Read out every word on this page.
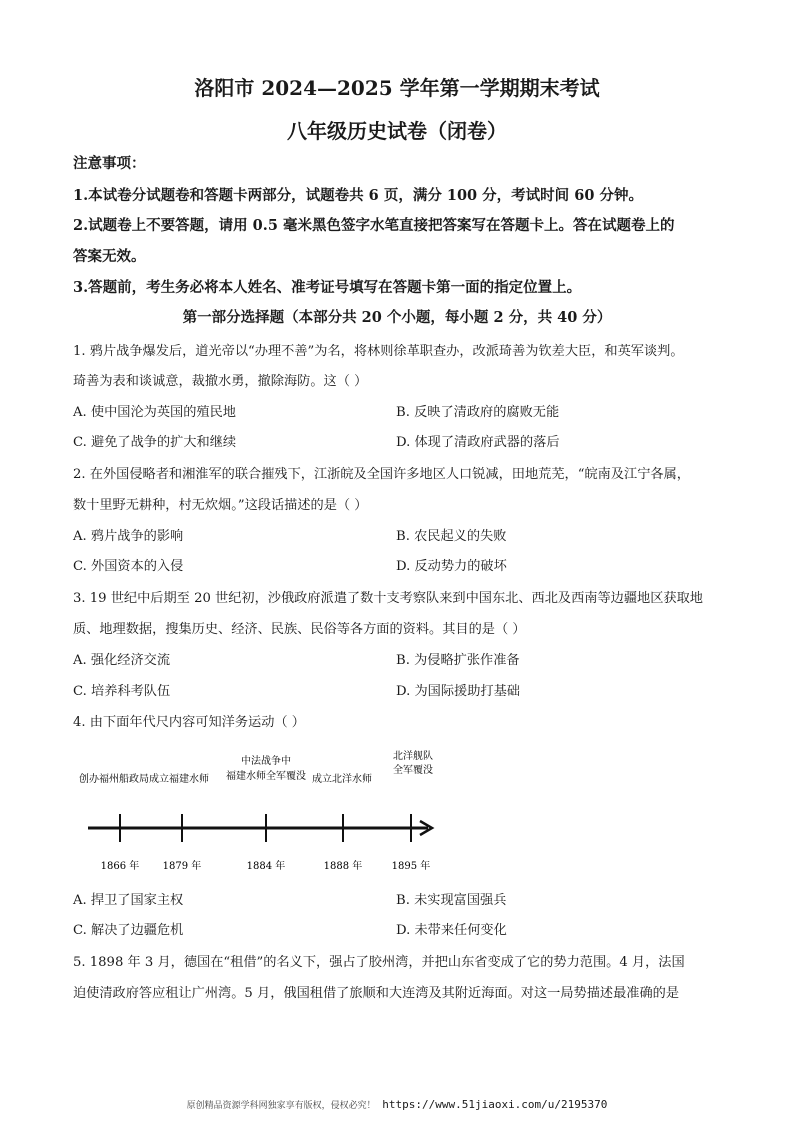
洛阳市 2024—2025 学年第一学期期末考试
八年级历史试卷（闭卷）
注意事项：
1.本试卷分试题卷和答题卡两部分，试题卷共 6 页，满分 100 分，考试时间 60 分钟。
2.试题卷上不要答题，请用 0.5 毫米黑色签字水笔直接把答案写在答题卡上。答在试题卷上的
答案无效。
3.答题前，考生务必将本人姓名、准考证号填写在答题卡第一面的指定位置上。
第一部分选择题（本部分共 20 个小题，每小题 2 分，共 40 分）
1. 鸦片战争爆发后，道光帝以“办理不善”为名，将林则徐革职查办，改派琦善为钦差大臣，和英军谈判。
琦善为表和谈诚意，裁撤水勇，撤除海防。这（ ）
A. 使中国沦为英国的殖民地	B. 反映了清政府的腐败无能
C. 避免了战争的扩大和继续	D. 体现了清政府武器的落后
2. 在外国侵略者和湘淮军的联合摧残下，江浙皖及全国许多地区人口锐减，田地荒芜，“皖南及江宁各属，
数十里野无耕种，村无炊烟。”这段话描述的是（ ）
A. 鸦片战争的影响	B. 农民起义的失败
C. 外国资本的入侵	D. 反动势力的破坏
3. 19 世纪中后期至 20 世纪初，沙俄政府派遣了数十支考察队来到中国东北、西北及西南等边疆地区获取地
质、地理数据，搜集历史、经济、民族、民俗等各方面的资料。其目的是（ ）
A. 强化经济交流	B. 为侵略扩张作准备
C. 培养科考队伍	D. 为国际援助打基础
4. 由下面年代尺内容可知洋务运动（ ）
创办福州船政局 成立福建水师
中法战争中
福建水师全军覆没 成立北洋水师
北洋舰队
全军覆没
1866 年 1879 年	1884 年	1888 年	1895 年
A. 捍卫了国家主权	B. 未实现富国强兵
C. 解决了边疆危机	D. 未带来任何变化
5. 1898 年 3 月，德国在“租借”的名义下，强占了胶州湾，并把山东省变成了它的势力范围。4 月，法国
迫使清政府答应租让广州湾。5 月，俄国租借了旅顺和大连湾及其附近海面。对这一局势描述最准确的是
原创精品资源学科网独家享有版权，侵权必究！ https://www.51jiaoxi.com/u/2195370
